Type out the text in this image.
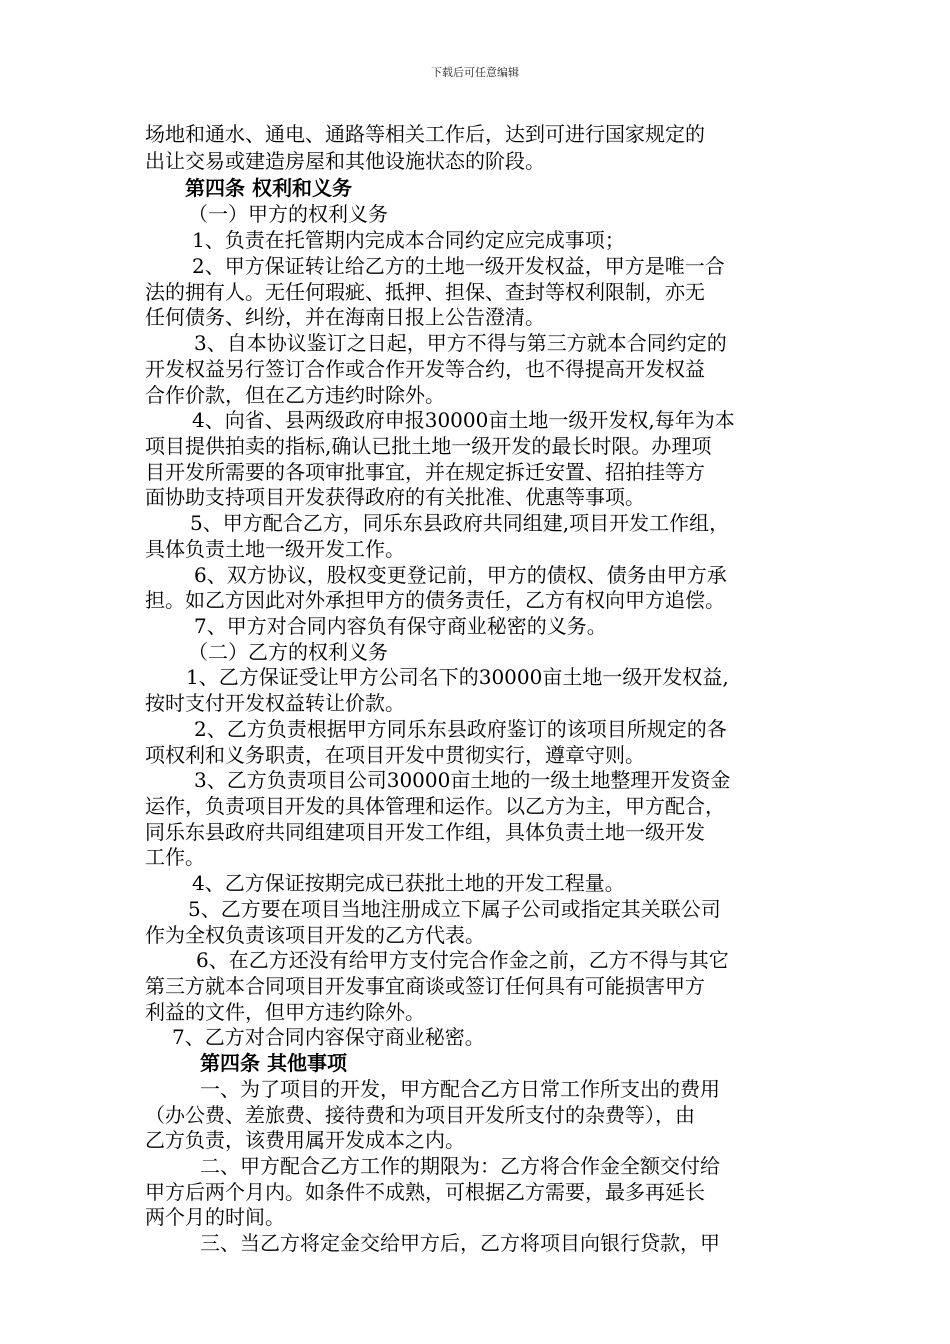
下载后可任意编辑
场地和通水、通电、通路等相关工作后，达到可进行国家规定的
出让交易或建造房屋和其他设施状态的阶段。
第四条 权利和义务
（一）甲方的权利义务
1、负责在托管期内完成本合同约定应完成事项；
2、甲方保证转让给乙方的土地一级开发权益，甲方是唯一合
法的拥有人。无任何瑕疵、抵押、担保、查封等权利限制，亦无
任何债务、纠纷，并在海南日报上公告澄清。
3、自本协议鉴订之日起，甲方不得与第三方就本合同约定的
开发权益另行签订合作或合作开发等合约，也不得提高开发权益
合作价款，但在乙方违约时除外。
4、向省、县两级政府申报30000亩土地一级开发权,每年为本
项目提供拍卖的指标,确认已批土地一级开发的最长时限。办理项
目开发所需要的各项审批事宜，并在规定拆迁安置、招拍挂等方
面协助支持项目开发获得政府的有关批准、优惠等事项。
5、甲方配合乙方，同乐东县政府共同组建,项目开发工作组，
具体负责土地一级开发工作。
6、双方协议，股权变更登记前，甲方的债权、债务由甲方承
担。如乙方因此对外承担甲方的债务责任，乙方有权向甲方追偿。
7、甲方对合同内容负有保守商业秘密的义务。
（二）乙方的权利义务
1、乙方保证受让甲方公司名下的30000亩土地一级开发权益,
按时支付开发权益转让价款。
2、乙方负责根据甲方同乐东县政府鉴订的该项目所规定的各
项权利和义务职责，在项目开发中贯彻实行，遵章守则。
3、乙方负责项目公司30000亩土地的一级土地整理开发资金
运作，负责项目开发的具体管理和运作。以乙方为主，甲方配合，
同乐东县政府共同组建项目开发工作组，具体负责土地一级开发
工作。
4、乙方保证按期完成已获批土地的开发工程量。
5、乙方要在项目当地注册成立下属子公司或指定其关联公司
作为全权负责该项目开发的乙方代表。
6、在乙方还没有给甲方支付完合作金之前，乙方不得与其它
第三方就本合同项目开发事宜商谈或签订任何具有可能损害甲方
利益的文件，但甲方违约除外。
7、乙方对合同内容保守商业秘密。
第四条 其他事项
一、为了项目的开发，甲方配合乙方日常工作所支出的费用
（办公费、差旅费、接待费和为项目开发所支付的杂费等），由
乙方负责，该费用属开发成本之内。
二、甲方配合乙方工作的期限为：乙方将合作金全额交付给
甲方后两个月内。如条件不成熟，可根据乙方需要，最多再延长
两个月的时间。
三、当乙方将定金交给甲方后，乙方将项目向银行贷款，甲
